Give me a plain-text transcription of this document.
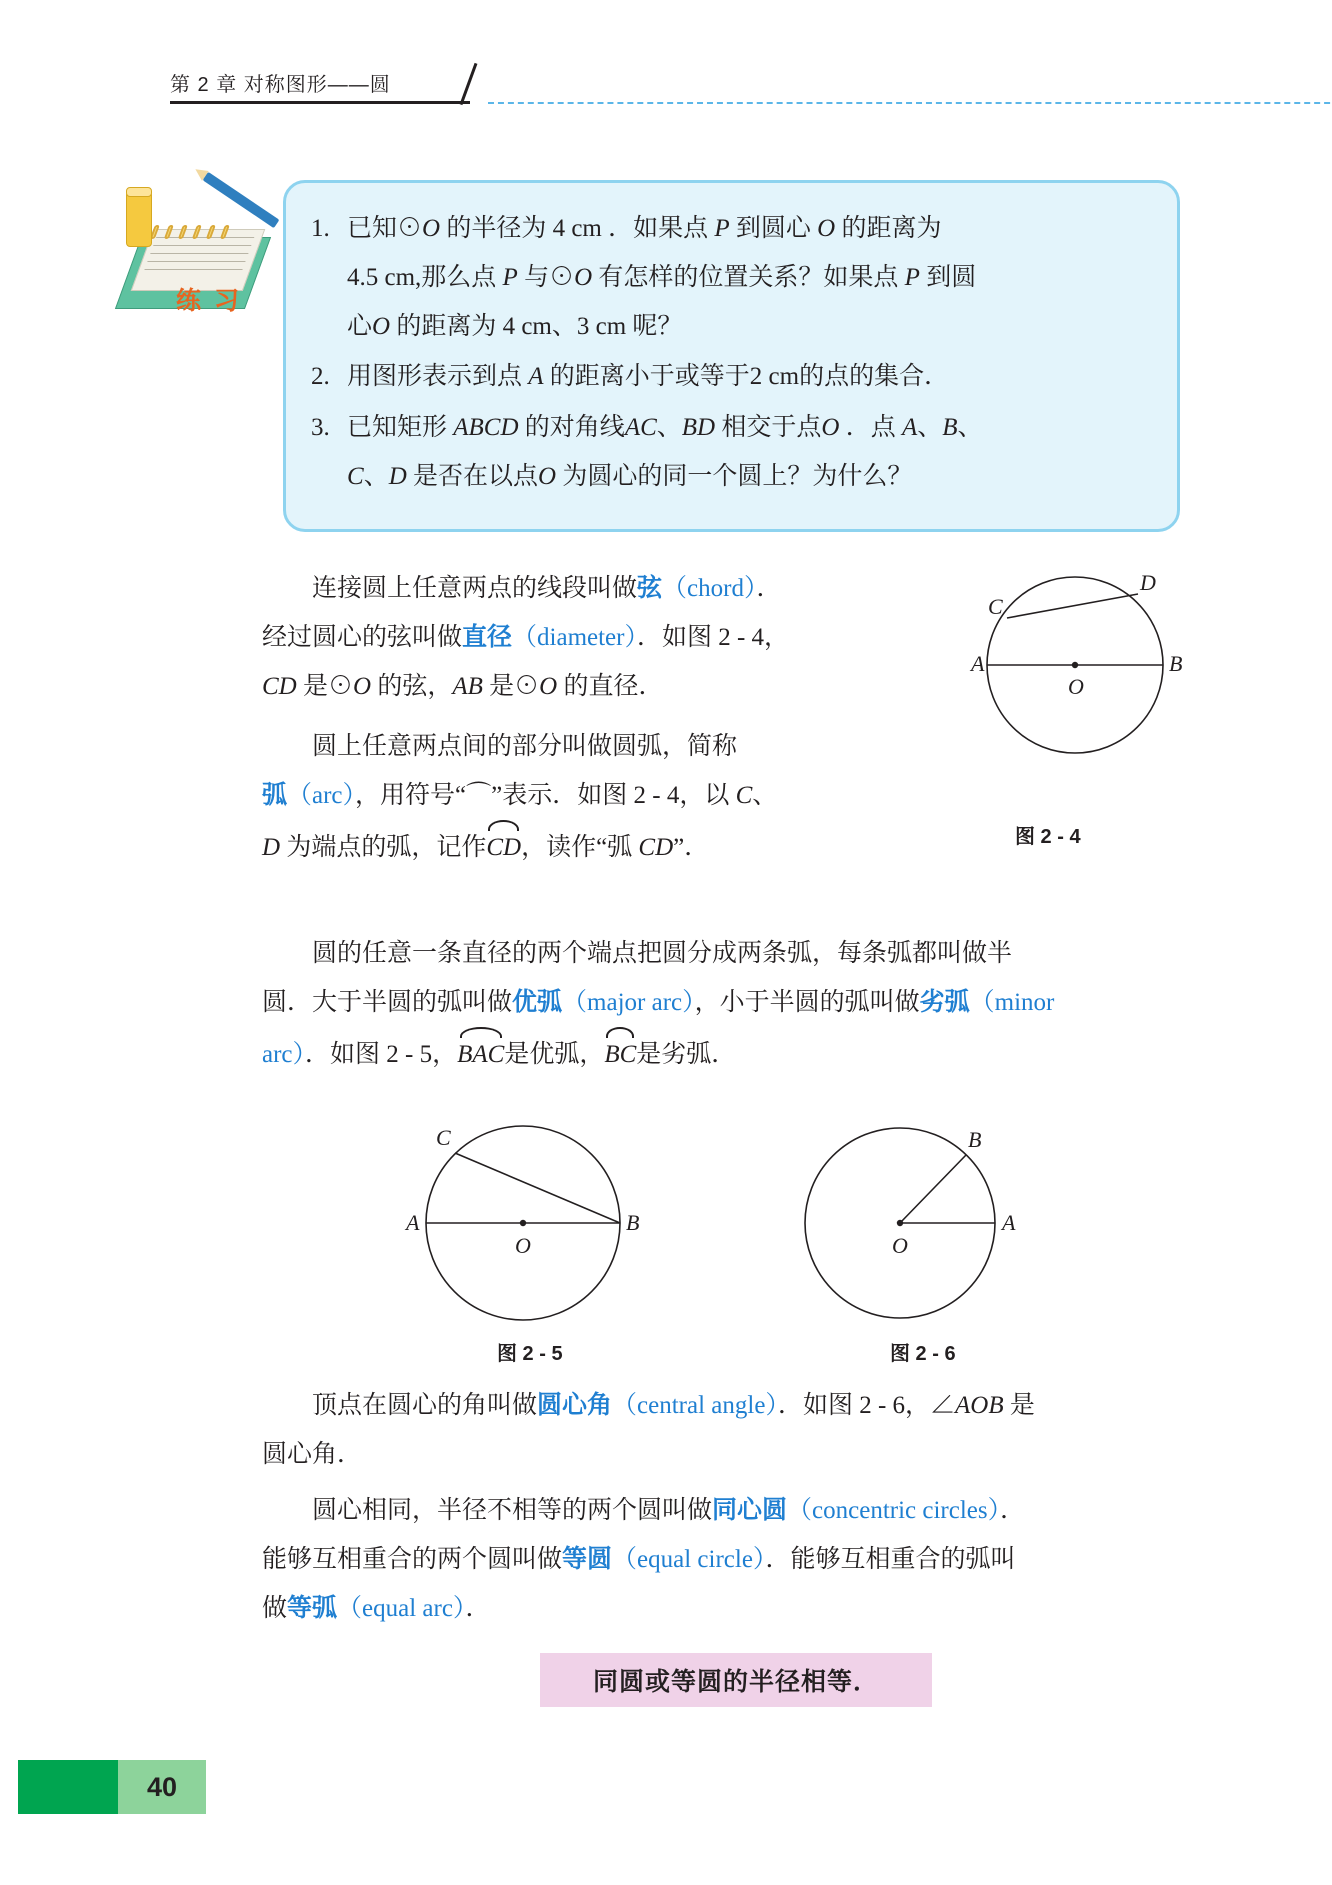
第 2 章 对称图形——圆
练 习
1. 已知⊙O 的半径为 4 cm ．如果点 P 到圆心 O 的距离为
4.5 cm,那么点 P 与⊙O 有怎样的位置关系？如果点 P 到圆
心O 的距离为 4 cm、3 cm 呢？
2. 用图形表示到点 A 的距离小于或等于2 cm的点的集合．
3. 已知矩形 ABCD 的对角线AC、BD 相交于点O ．点 A、B、
C、D 是否在以点O 为圆心的同一个圆上？为什么？
连接圆上任意两点的线段叫做弦（chord）．
经过圆心的弦叫做直径（diameter）．如图 2 - 4，
CD 是⊙O 的弦，AB 是⊙O 的直径．
圆上任意两点间的部分叫做圆弧，简称
弧（arc），用符号“⌒”表示．如图 2 - 4，以 C、
D 为端点的弧，记作CD，读作“弧 CD”．
A	B
C
D
O
图 2 - 4
圆的任意一条直径的两个端点把圆分成两条弧，每条弧都叫做半
圆．大于半圆的弧叫做优弧（major arc），小于半圆的弧叫做劣弧（minor
arc）．如图 2 - 5，BAC是优弧，BC是劣弧．
A	B
C
O
图 2 - 5
A
B
O
图 2 - 6
顶点在圆心的角叫做圆心角（central angle）．如图 2 - 6，∠AOB 是
圆心角．
圆心相同，半径不相等的两个圆叫做同心圆（concentric circles）．
能够互相重合的两个圆叫做等圆（equal circle）．能够互相重合的弧叫
做等弧（equal arc）．
同圆或等圆的半径相等．
40
